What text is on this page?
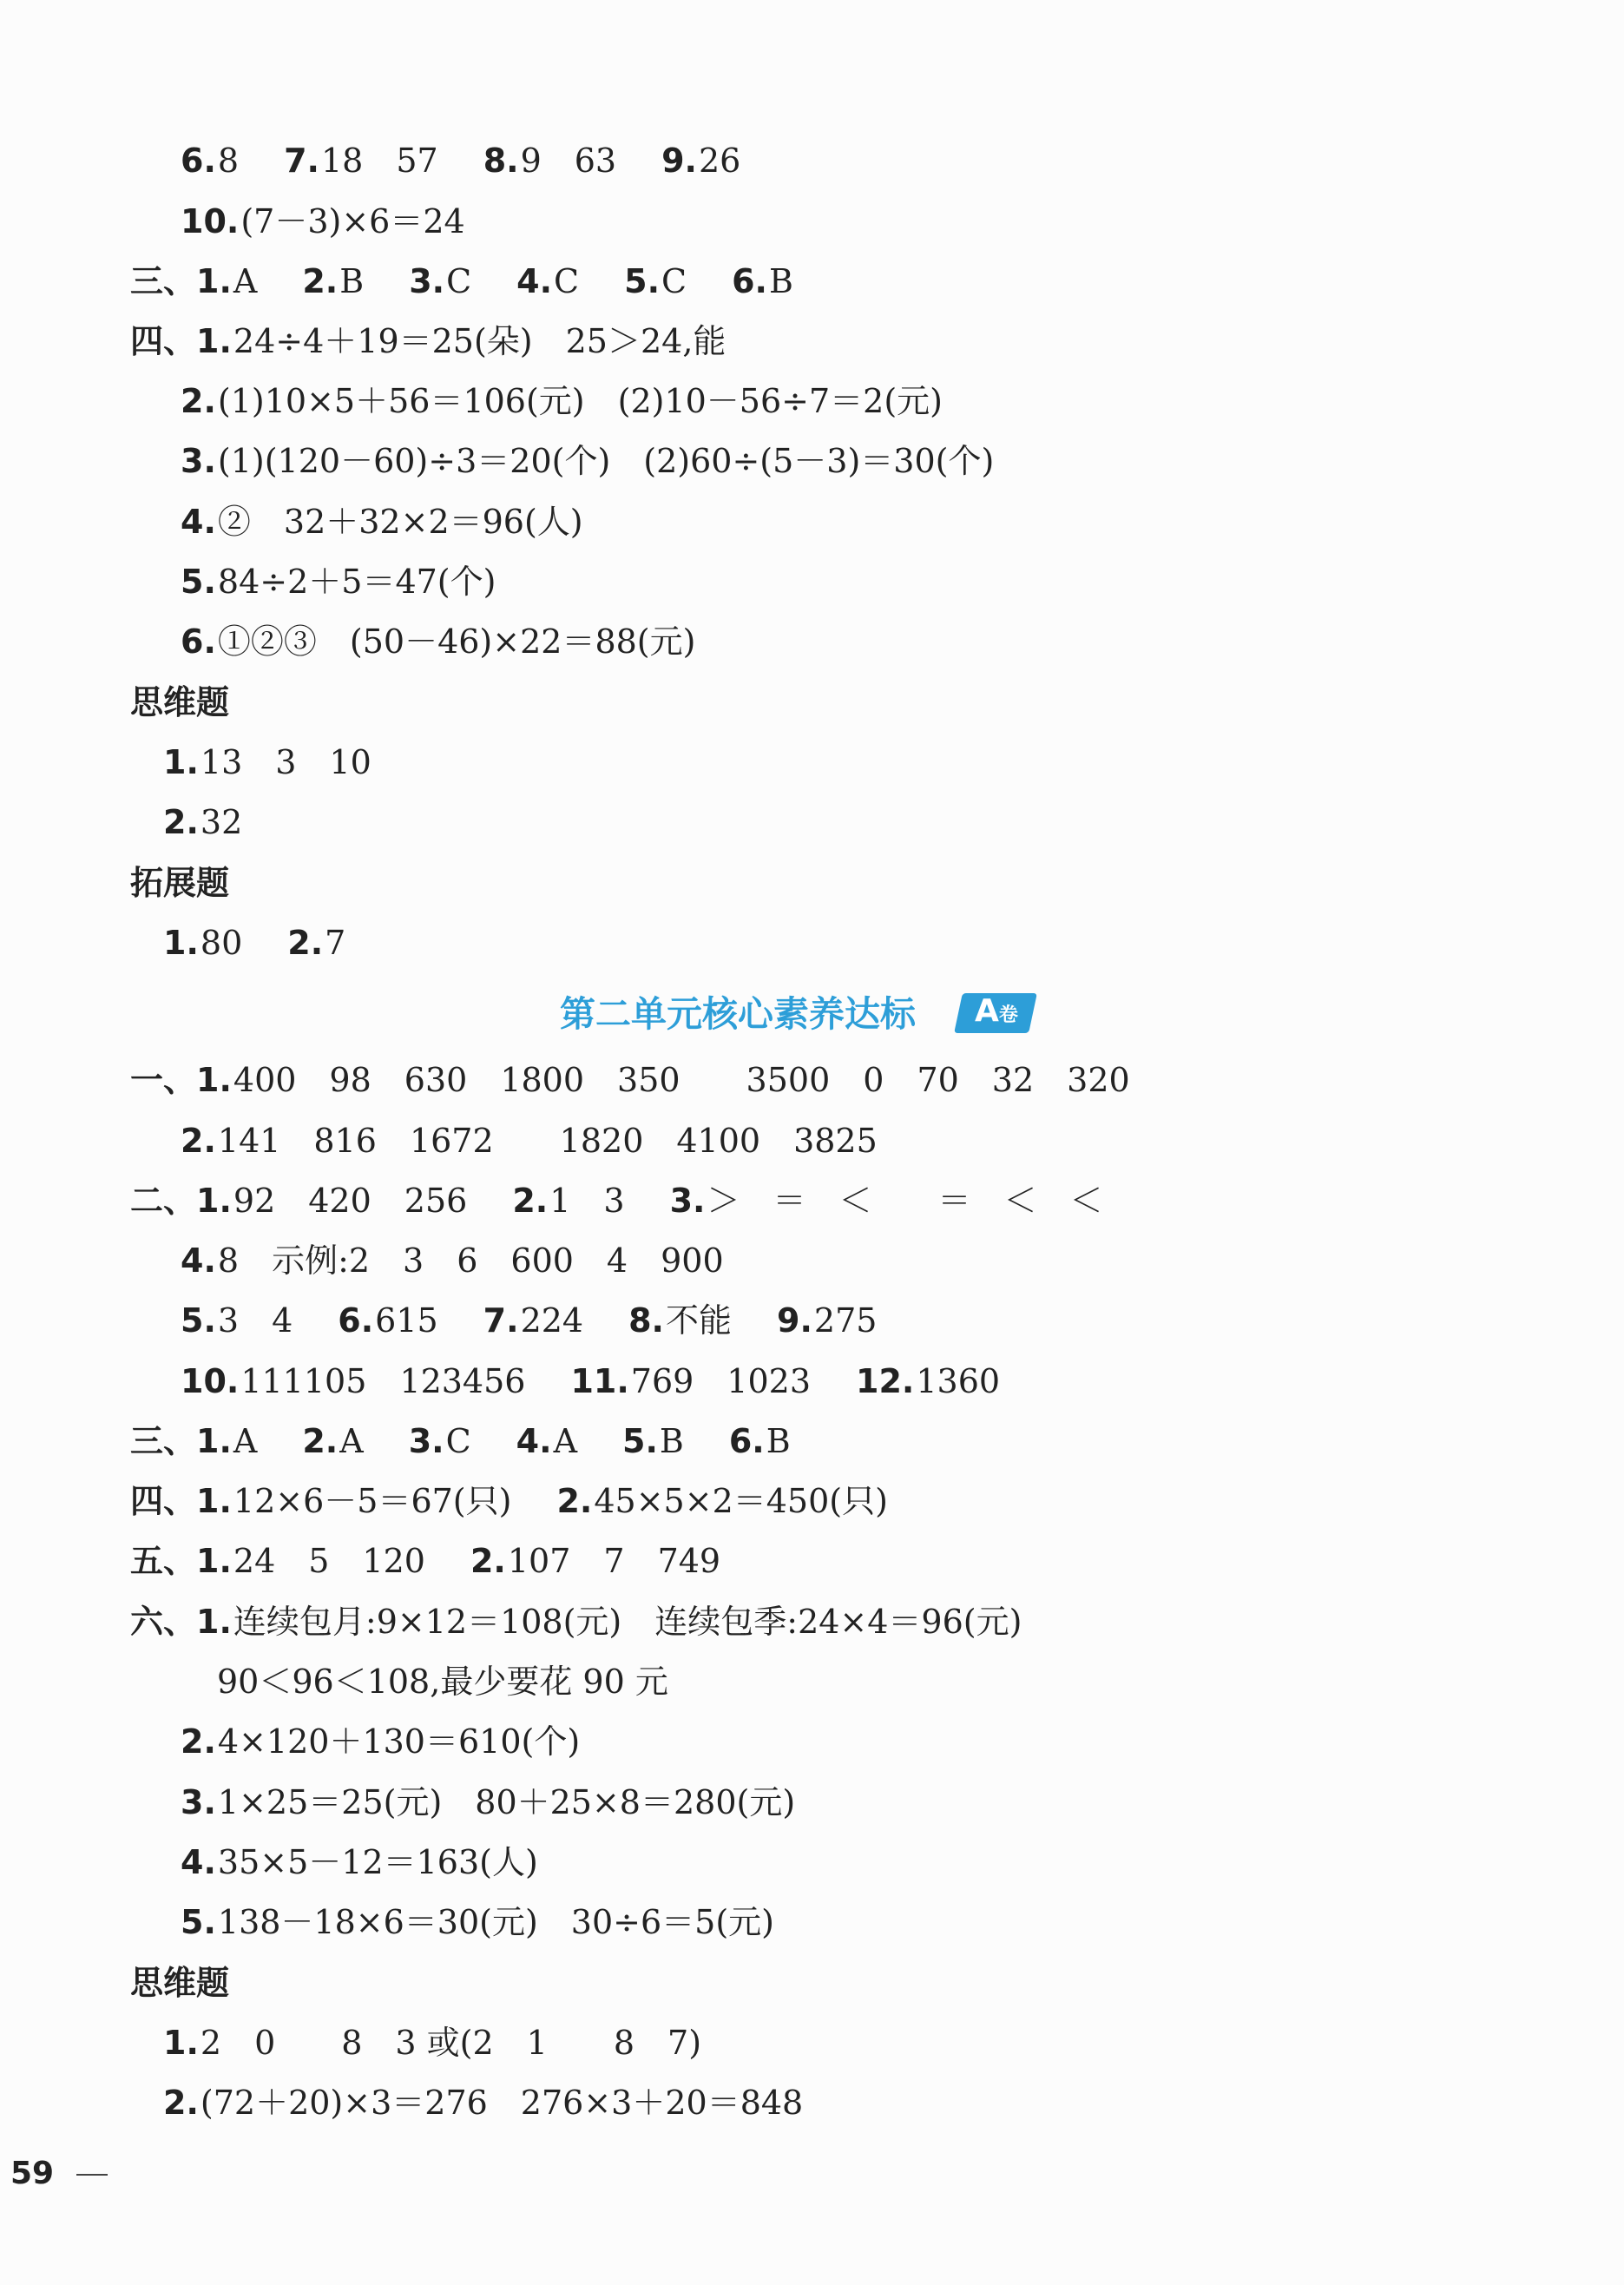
6.8 7.18　57 8.9　63 9.26
10.(7－3)×6＝24
三、1.A 2.B 3.C 4.C 5.C 6.B
四、1.24÷4＋19＝25(朵)　25＞24,能
2.(1)10×5＋56＝106(元)　(2)10－56÷7＝2(元)
3.(1)(120－60)÷3＝20(个)　(2)60÷(5－3)＝30(个)
4.②　32＋32×2＝96(人)
5.84÷2＋5＝47(个)
6.①②③　(50－46)×22＝88(元)
思维题
1.13　3　10
2.32
拓展题
1.80 2.7
第二单元核心素养达标	A卷
一、1.400　98　630　1800　350　　3500　0　70　32　320
2.141　816　1672　　1820　4100　3825
二、1.92　420　256 2.1　3 3.＞　＝　＜　　＝　＜　＜
4.8　示例:2　3　6　600　4　900
5.3　4 6.615 7.224 8.不能 9.275
10.111105　123456 11.769　1023 12.1360
三、1.A 2.A 3.C 4.A 5.B 6.B
四、1.12×6－5＝67(只) 2.45×5×2＝450(只)
五、1.24　5　120 2.107　7　749
六、1.连续包月:9×12＝108(元)　连续包季:24×4＝96(元)
90＜96＜108,最少要花 90 元
2.4×120＋130＝610(个)
3.1×25＝25(元)　80＋25×8＝280(元)
4.35×5－12＝163(人)
5.138－18×6＝30(元)　30÷6＝5(元)
思维题
1.2　0　　8　3 或(2　1　　8　7)
2.(72＋20)×3＝276　276×3＋20＝848
59
